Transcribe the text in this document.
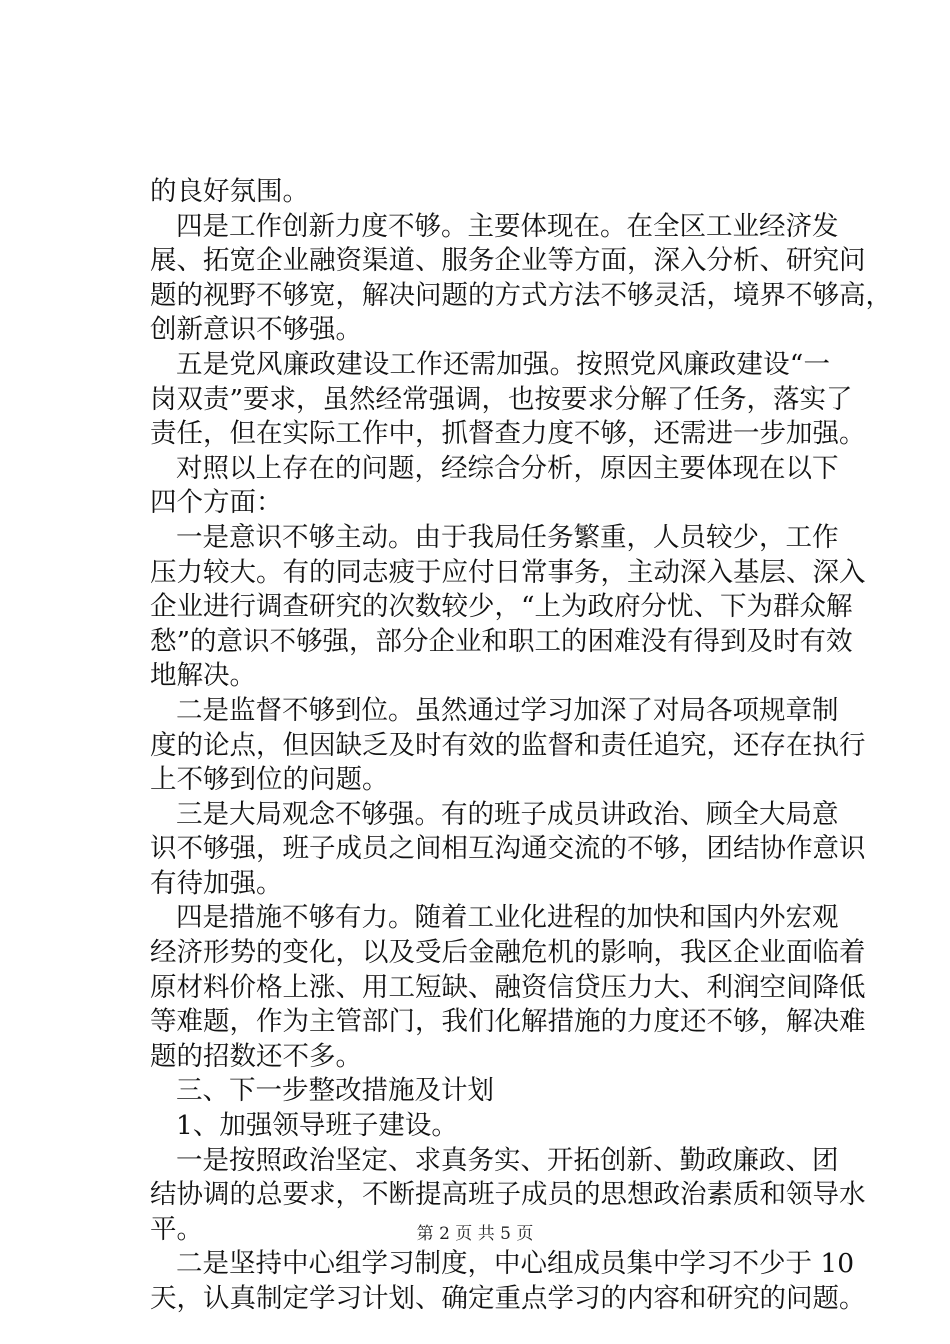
的良好氛围。
四是工作创新力度不够。主要体现在。在全区工业经济发
展、拓宽企业融资渠道、服务企业等方面，深入分析、研究问
题的视野不够宽，解决问题的方式方法不够灵活，境界不够高，
创新意识不够强。
五是党风廉政建设工作还需加强。按照党风廉政建设“一
岗双责”要求，虽然经常强调，也按要求分解了任务，落实了
责任，但在实际工作中，抓督查力度不够，还需进一步加强。
对照以上存在的问题，经综合分析，原因主要体现在以下
四个方面：
一是意识不够主动。由于我局任务繁重，人员较少，工作
压力较大。有的同志疲于应付日常事务，主动深入基层、深入
企业进行调查研究的次数较少，“上为政府分忧、下为群众解
愁”的意识不够强，部分企业和职工的困难没有得到及时有效
地解决。
二是监督不够到位。虽然通过学习加深了对局各项规章制
度的论点，但因缺乏及时有效的监督和责任追究，还存在执行
上不够到位的问题。
三是大局观念不够强。有的班子成员讲政治、顾全大局意
识不够强，班子成员之间相互沟通交流的不够，团结协作意识
有待加强。
四是措施不够有力。随着工业化进程的加快和国内外宏观
经济形势的变化，以及受后金融危机的影响，我区企业面临着
原材料价格上涨、用工短缺、融资信贷压力大、利润空间降低
等难题，作为主管部门，我们化解措施的力度还不够，解决难
题的招数还不多。
三、下一步整改措施及计划
1、加强领导班子建设。
一是按照政治坚定、求真务实、开拓创新、勤政廉政、团
结协调的总要求，不断提高班子成员的思想政治素质和领导水
平。
二是坚持中心组学习制度，中心组成员集中学习不少于 10
天，认真制定学习计划、确定重点学习的内容和研究的问题。
第 2 页 共 5 页
